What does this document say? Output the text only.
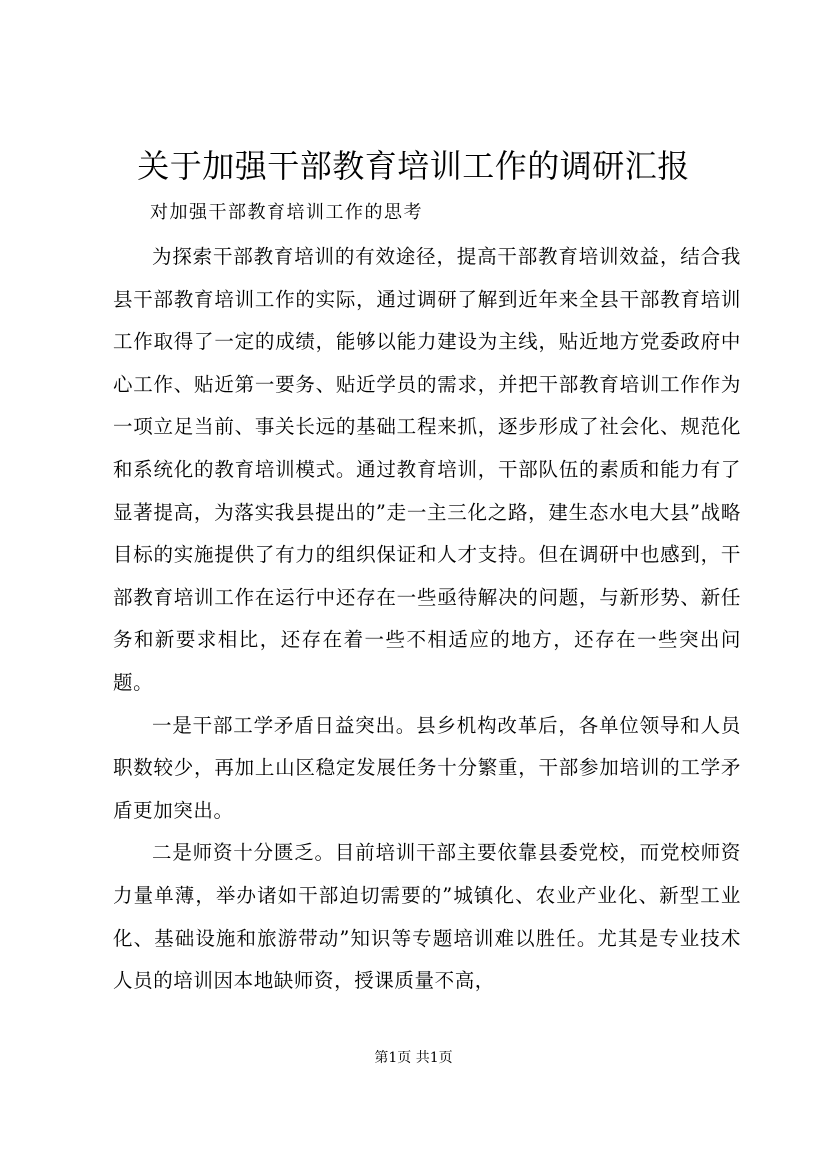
关于加强干部教育培训工作的调研汇报

对加强干部教育培训工作的思考

为探索干部教育培训的有效途径，提高干部教育培训效益，结合我县干部教育培训工作的实际，通过调研了解到近年来全县干部教育培训工作取得了一定的成绩，能够以能力建设为主线，贴近地方党委政府中心工作、贴近第一要务、贴近学员的需求，并把干部教育培训工作作为一项立足当前、事关长远的基础工程来抓，逐步形成了社会化、规范化和系统化的教育培训模式。通过教育培训，干部队伍的素质和能力有了显著提高，为落实我县提出的”走一主三化之路，建生态水电大县”战略目标的实施提供了有力的组织保证和人才支持。但在调研中也感到，干部教育培训工作在运行中还存在一些亟待解决的问题，与新形势、新任务和新要求相比，还存在着一些不相适应的地方，还存在一些突出问题。

一是干部工学矛盾日益突出。县乡机构改革后，各单位领导和人员职数较少，再加上山区稳定发展任务十分繁重，干部参加培训的工学矛盾更加突出。

二是师资十分匮乏。目前培训干部主要依靠县委党校，而党校师资力量单薄，举办诸如干部迫切需要的”城镇化、农业产业化、新型工业化、基础设施和旅游带动”知识等专题培训难以胜任。尤其是专业技术人员的培训因本地缺师资，授课质量不高，

第1页 共1页
